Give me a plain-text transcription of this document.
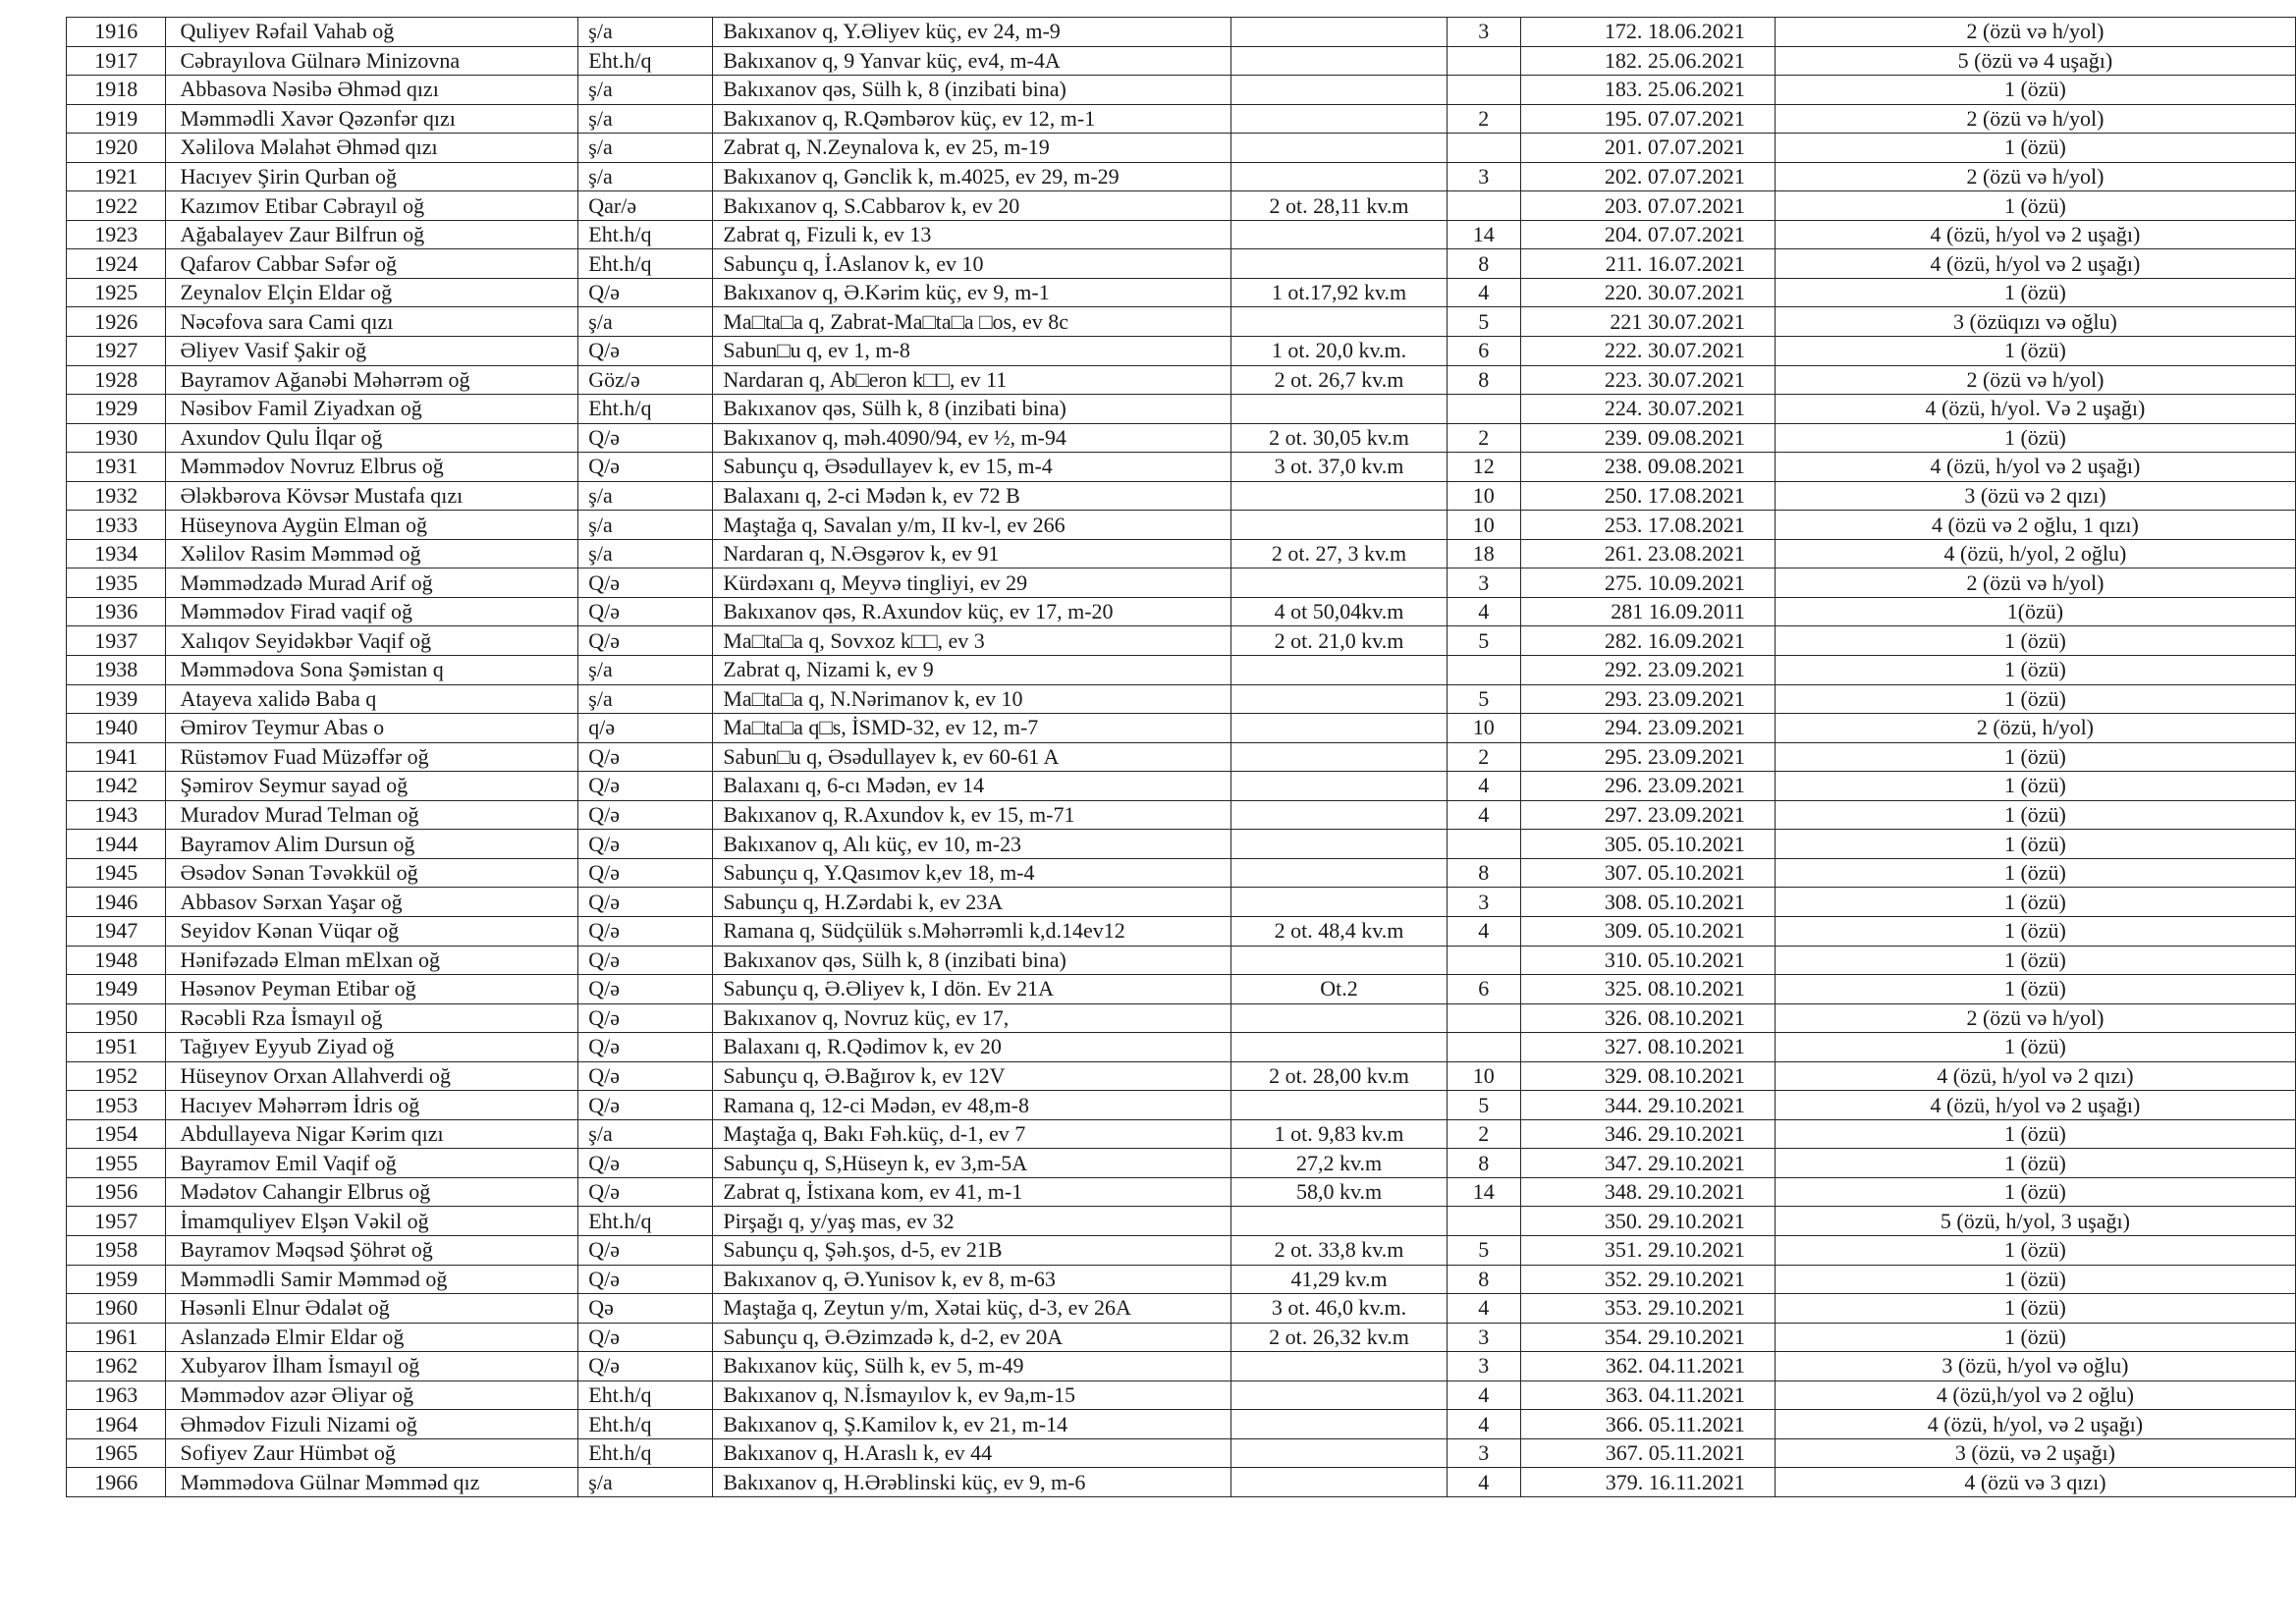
1916	Quliyev Rəfail Vahab oğ	ş/a	Bakıxanov q, Y.Əliyev küç, ev 24, m-9		3	172. 18.06.2021	2 (özü və h/yol)
1917	Cəbrayılova Gülnarə Minizovna	Eht.h/q	Bakıxanov q, 9 Yanvar küç, ev4, m-4A			182. 25.06.2021	5 (özü və 4 uşağı)
1918	Abbasova Nəsibə Əhməd qızı	ş/a	Bakıxanov qəs, Sülh k, 8 (inzibati bina)			183. 25.06.2021	1 (özü)
1919	Məmmədli Xavər Qəzənfər qızı	ş/a	Bakıxanov q, R.Qəmbərov küç, ev 12, m-1		2	195. 07.07.2021	2 (özü və h/yol)
1920	Xəlilova Məlahət Əhməd qızı	ş/a	Zabrat q, N.Zeynalova k, ev 25, m-19			201. 07.07.2021	1 (özü)
1921	Hacıyev Şirin Qurban oğ	ş/a	Bakıxanov q, Gənclik k, m.4025, ev 29, m-29		3	202. 07.07.2021	2 (özü və h/yol)
1922	Kazımov Etibar Cəbrayıl oğ	Qar/ə	Bakıxanov q, S.Cabbarov k, ev 20	2 ot. 28,11 kv.m		203. 07.07.2021	1 (özü)
1923	Ağabalayev Zaur Bilfrun oğ	Eht.h/q	Zabrat q, Fizuli k, ev 13		14	204. 07.07.2021	4 (özü, h/yol və 2 uşağı)
1924	Qafarov Cabbar Səfər oğ	Eht.h/q	Sabunçu q, İ.Aslanov k, ev 10		8	211. 16.07.2021	4 (özü, h/yol və 2 uşağı)
1925	Zeynalov Elçin Eldar oğ	Q/ə	Bakıxanov q, Ə.Kərim küç, ev 9, m-1	1 ot.17,92 kv.m	4	220. 30.07.2021	1 (özü)
1926	Nəcəfova sara Cami qızı	ş/a	Ma□ta□a q, Zabrat-Ma□ta□a □os, ev 8c		5	221 30.07.2021	3 (özüqızı və oğlu)
1927	Əliyev Vasif Şakir oğ	Q/ə	Sabun□u q, ev 1, m-8	1 ot. 20,0 kv.m.	6	222. 30.07.2021	1 (özü)
1928	Bayramov Ağanəbi Məhərrəm oğ	Göz/ə	Nardaran q, Ab□eron k□□, ev 11	2 ot. 26,7 kv.m	8	223. 30.07.2021	2 (özü və h/yol)
1929	Nəsibov Famil Ziyadxan oğ	Eht.h/q	Bakıxanov qəs, Sülh k, 8 (inzibati bina)			224. 30.07.2021	4 (özü, h/yol. Və 2 uşağı)
1930	Axundov Qulu İlqar oğ	Q/ə	Bakıxanov q, məh.4090/94, ev ½, m-94	2 ot. 30,05 kv.m	2	239. 09.08.2021	1 (özü)
1931	Məmmədov Novruz Elbrus oğ	Q/ə	Sabunçu q, Əsədullayev k, ev 15, m-4	3 ot. 37,0 kv.m	12	238. 09.08.2021	4 (özü, h/yol və 2 uşağı)
1932	Ələkbərova Kövsər Mustafa qızı	ş/a	Balaxanı q, 2-ci Mədən k, ev 72 B		10	250. 17.08.2021	3 (özü və 2 qızı)
1933	Hüseynova Aygün Elman oğ	ş/a	Maştağa q, Savalan y/m, II kv-l, ev 266		10	253. 17.08.2021	4 (özü və 2 oğlu, 1 qızı)
1934	Xəlilov Rasim Məmməd oğ	ş/a	Nardaran q, N.Əsgərov k, ev 91	2 ot. 27, 3 kv.m	18	261. 23.08.2021	4 (özü, h/yol, 2 oğlu)
1935	Məmmədzadə Murad Arif oğ	Q/ə	Kürdəxanı q, Meyvə tingliyi, ev 29		3	275. 10.09.2021	2 (özü və h/yol)
1936	Məmmədov Firad vaqif oğ	Q/ə	Bakıxanov qəs, R.Axundov küç, ev 17, m-20	4 ot 50,04kv.m	4	281 16.09.2011	1(özü)
1937	Xalıqov Seyidəkbər Vaqif oğ	Q/ə	Ma□ta□a q, Sovxoz k□□, ev 3	2 ot. 21,0 kv.m	5	282. 16.09.2021	1 (özü)
1938	Məmmədova Sona Şəmistan q	ş/a	Zabrat q, Nizami k, ev 9			292. 23.09.2021	1 (özü)
1939	Atayeva xalidə Baba q	ş/a	Ma□ta□a q, N.Nərimanov k, ev 10		5	293. 23.09.2021	1 (özü)
1940	Əmirov Teymur Abas o	q/ə	Ma□ta□a q□s, İSMD-32, ev 12, m-7		10	294. 23.09.2021	2 (özü, h/yol)
1941	Rüstəmov Fuad Müzəffər oğ	Q/ə	Sabun□u q, Əsədullayev k, ev 60-61 A		2	295. 23.09.2021	1 (özü)
1942	Şəmirov Seymur sayad oğ	Q/ə	Balaxanı q, 6-cı Mədən, ev 14		4	296. 23.09.2021	1 (özü)
1943	Muradov Murad Telman oğ	Q/ə	Bakıxanov q, R.Axundov k, ev 15, m-71		4	297. 23.09.2021	1 (özü)
1944	Bayramov Alim Dursun oğ	Q/ə	Bakıxanov q, Alı küç, ev 10, m-23			305. 05.10.2021	1 (özü)
1945	Əsədov Sənan Təvəkkül oğ	Q/ə	Sabunçu q, Y.Qasımov k,ev 18, m-4		8	307. 05.10.2021	1 (özü)
1946	Abbasov Sərxan Yaşar oğ	Q/ə	Sabunçu q, H.Zərdabi k, ev 23A		3	308. 05.10.2021	1 (özü)
1947	Seyidov Kənan Vüqar oğ	Q/ə	Ramana q, Südçülük s.Məhərrəmli k,d.14ev12	2 ot. 48,4 kv.m	4	309. 05.10.2021	1 (özü)
1948	Hənifəzadə Elman mElxan oğ	Q/ə	Bakıxanov qəs, Sülh k, 8 (inzibati bina)			310. 05.10.2021	1 (özü)
1949	Həsənov Peyman Etibar oğ	Q/ə	Sabunçu q, Ə.Əliyev k, I dön. Ev 21A	Ot.2	6	325. 08.10.2021	1 (özü)
1950	Rəcəbli Rza İsmayıl oğ	Q/ə	Bakıxanov q, Novruz küç, ev 17,			326. 08.10.2021	2 (özü və h/yol)
1951	Tağıyev Eyyub Ziyad oğ	Q/ə	Balaxanı q, R.Qədimov k, ev 20			327. 08.10.2021	1 (özü)
1952	Hüseynov Orxan Allahverdi oğ	Q/ə	Sabunçu q, Ə.Bağırov k, ev 12V	2 ot. 28,00 kv.m	10	329. 08.10.2021	4 (özü, h/yol və 2 qızı)
1953	Hacıyev Məhərrəm İdris oğ	Q/ə	Ramana q, 12-ci Mədən, ev 48,m-8		5	344. 29.10.2021	4 (özü, h/yol və 2 uşağı)
1954	Abdullayeva Nigar Kərim qızı	ş/a	Maştağa q, Bakı Fəh.küç, d-1, ev 7	1 ot. 9,83 kv.m	2	346. 29.10.2021	1 (özü)
1955	Bayramov Emil Vaqif oğ	Q/ə	Sabunçu q, S,Hüseyn k, ev 3,m-5A	27,2 kv.m	8	347. 29.10.2021	1 (özü)
1956	Mədətov Cahangir Elbrus oğ	Q/ə	Zabrat q, İstixana kom, ev 41, m-1	58,0 kv.m	14	348. 29.10.2021	1 (özü)
1957	İmamquliyev Elşən Vəkil oğ	Eht.h/q	Pirşağı q, y/yaş mas, ev 32			350. 29.10.2021	5 (özü, h/yol, 3 uşağı)
1958	Bayramov Məqsəd Şöhrət oğ	Q/ə	Sabunçu q, Şəh.şos, d-5, ev 21B	2 ot. 33,8 kv.m	5	351. 29.10.2021	1 (özü)
1959	Məmmədli Samir Məmməd oğ	Q/ə	Bakıxanov q, Ə.Yunisov k, ev 8, m-63	41,29 kv.m	8	352. 29.10.2021	1 (özü)
1960	Həsənli Elnur Ədalət oğ	Qə	Maştağa q, Zeytun y/m, Xətai küç, d-3, ev 26A	3 ot. 46,0 kv.m.	4	353. 29.10.2021	1 (özü)
1961	Aslanzadə Elmir Eldar oğ	Q/ə	Sabunçu q, Ə.Əzimzadə k, d-2, ev 20A	2 ot. 26,32 kv.m	3	354. 29.10.2021	1 (özü)
1962	Xubyarov İlham İsmayıl oğ	Q/ə	Bakıxanov küç, Sülh k, ev 5, m-49		3	362. 04.11.2021	3 (özü, h/yol və oğlu)
1963	Məmmədov azər Əliyar oğ	Eht.h/q	Bakıxanov q, N.İsmayılov k, ev 9a,m-15		4	363. 04.11.2021	4 (özü,h/yol və 2 oğlu)
1964	Əhmədov Fizuli Nizami oğ	Eht.h/q	Bakıxanov q, Ş.Kamilov k, ev 21, m-14		4	366. 05.11.2021	4 (özü, h/yol, və 2 uşağı)
1965	Sofiyev Zaur Hümbət oğ	Eht.h/q	Bakıxanov q, H.Araslı k, ev 44		3	367. 05.11.2021	3 (özü, və 2 uşağı)
1966	Məmmədova Gülnar Məmməd qız	ş/a	Bakıxanov q, H.Ərəblinski küç, ev 9, m-6		4	379. 16.11.2021	4 (özü və 3 qızı)
